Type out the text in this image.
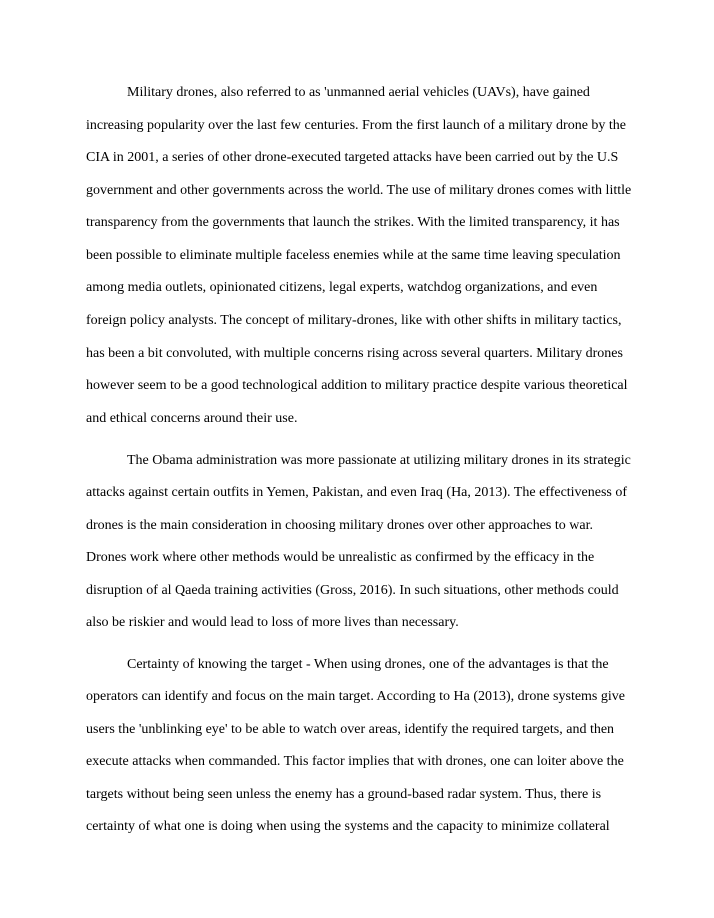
Military drones, also referred to as 'unmanned aerial vehicles (UAVs), have gained
increasing popularity over the last few centuries. From the first launch of a military drone by the
CIA in 2001, a series of other drone-executed targeted attacks have been carried out by the U.S
government and other governments across the world. The use of military drones comes with little
transparency from the governments that launch the strikes. With the limited transparency, it has
been possible to eliminate multiple faceless enemies while at the same time leaving speculation
among media outlets, opinionated citizens, legal experts, watchdog organizations, and even
foreign policy analysts. The concept of military-drones, like with other shifts in military tactics,
has been a bit convoluted, with multiple concerns rising across several quarters. Military drones
however seem to be a good technological addition to military practice despite various theoretical
and ethical concerns around their use.
The Obama administration was more passionate at utilizing military drones in its strategic
attacks against certain outfits in Yemen, Pakistan, and even Iraq (Ha, 2013). The effectiveness of
drones is the main consideration in choosing military drones over other approaches to war.
Drones work where other methods would be unrealistic as confirmed by the efficacy in the
disruption of al Qaeda training activities (Gross, 2016). In such situations, other methods could
also be riskier and would lead to loss of more lives than necessary.
Certainty of knowing the target - When using drones, one of the advantages is that the
operators can identify and focus on the main target. According to Ha (2013), drone systems give
users the 'unblinking eye' to be able to watch over areas, identify the required targets, and then
execute attacks when commanded. This factor implies that with drones, one can loiter above the
targets without being seen unless the enemy has a ground-based radar system. Thus, there is
certainty of what one is doing when using the systems and the capacity to minimize collateral
